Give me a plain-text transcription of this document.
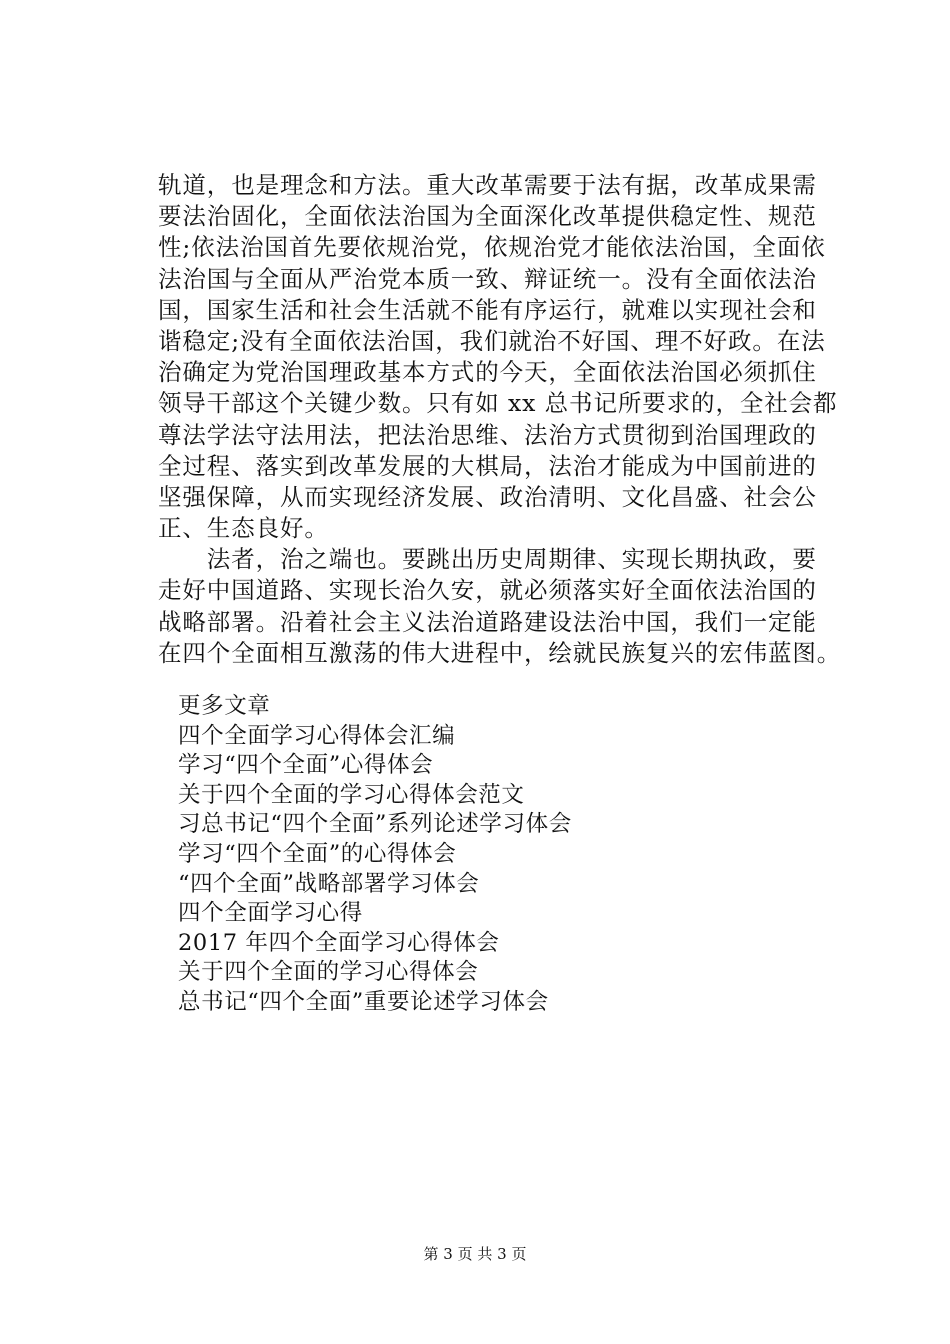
轨道，也是理念和方法。重大改革需要于法有据，改革成果需
要法治固化，全面依法治国为全面深化改革提供稳定性、规范
性;依法治国首先要依规治党，依规治党才能依法治国，全面依
法治国与全面从严治党本质一致、辩证统一。没有全面依法治
国，国家生活和社会生活就不能有序运行，就难以实现社会和
谐稳定;没有全面依法治国，我们就治不好国、理不好政。在法
治确定为党治国理政基本方式的今天，全面依法治国必须抓住
领导干部这个关键少数。只有如 xx 总书记所要求的，全社会都
尊法学法守法用法，把法治思维、法治方式贯彻到治国理政的
全过程、落实到改革发展的大棋局，法治才能成为中国前进的
坚强保障，从而实现经济发展、政治清明、文化昌盛、社会公
正、生态良好。
　　法者，治之端也。要跳出历史周期律、实现长期执政，要
走好中国道路、实现长治久安，就必须落实好全面依法治国的
战略部署。沿着社会主义法治道路建设法治中国，我们一定能
在四个全面相互激荡的伟大进程中，绘就民族复兴的宏伟蓝图。
更多文章
四个全面学习心得体会汇编
学习“四个全面”心得体会
关于四个全面的学习心得体会范文
习总书记“四个全面”系列论述学习体会
学习“四个全面”的心得体会
“四个全面”战略部署学习体会
四个全面学习心得
2017 年四个全面学习心得体会
关于四个全面的学习心得体会
总书记“四个全面”重要论述学习体会
第 3 页 共 3 页
